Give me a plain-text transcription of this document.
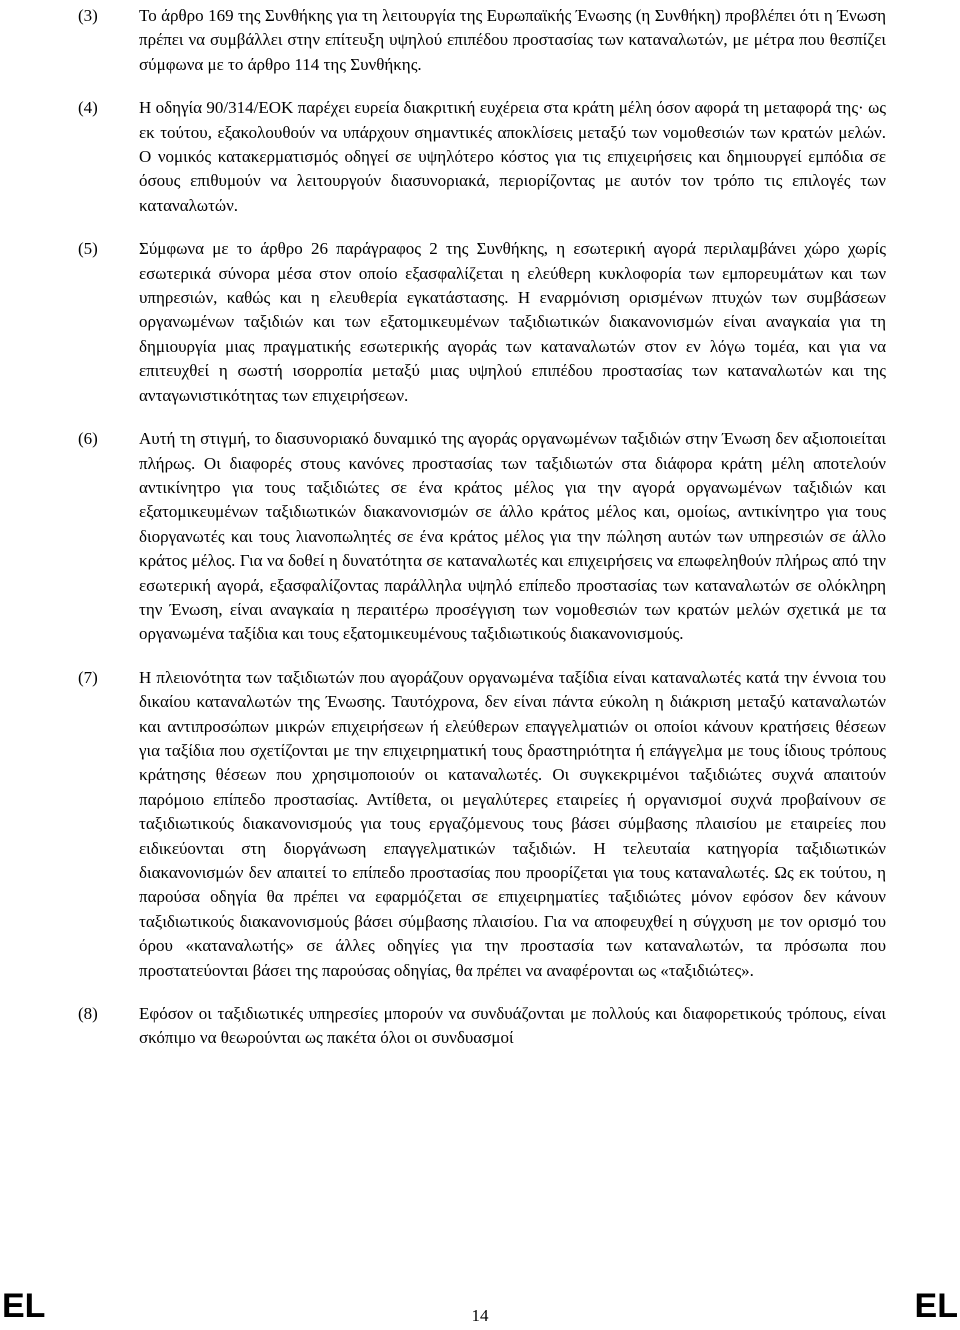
(3)	Το άρθρο 169 της Συνθήκης για τη λειτουργία της Ευρωπαϊκής Ένωσης (η Συνθήκη) προβλέπει ότι η Ένωση πρέπει να συμβάλλει στην επίτευξη υψηλού επιπέδου προστασίας των καταναλωτών, με μέτρα που θεσπίζει σύμφωνα με το άρθρο 114 της Συνθήκης.
(4)	Η οδηγία 90/314/ΕΟΚ παρέχει ευρεία διακριτική ευχέρεια στα κράτη μέλη όσον αφορά τη μεταφορά της· ως εκ τούτου, εξακολουθούν να υπάρχουν σημαντικές αποκλίσεις μεταξύ των νομοθεσιών των κρατών μελών. Ο νομικός κατακερματισμός οδηγεί σε υψηλότερο κόστος για τις επιχειρήσεις και δημιουργεί εμπόδια σε όσους επιθυμούν να λειτουργούν διασυνοριακά, περιορίζοντας με αυτόν τον τρόπο τις επιλογές των καταναλωτών.
(5)	Σύμφωνα με το άρθρο 26 παράγραφος 2 της Συνθήκης, η εσωτερική αγορά περιλαμβάνει χώρο χωρίς εσωτερικά σύνορα μέσα στον οποίο εξασφαλίζεται η ελεύθερη κυκλοφορία των εμπορευμάτων και των υπηρεσιών, καθώς και η ελευθερία εγκατάστασης. Η εναρμόνιση ορισμένων πτυχών των συμβάσεων οργανωμένων ταξιδιών και των εξατομικευμένων ταξιδιωτικών διακανονισμών είναι αναγκαία για τη δημιουργία μιας πραγματικής εσωτερικής αγοράς των καταναλωτών στον εν λόγω τομέα, και για να επιτευχθεί η σωστή ισορροπία μεταξύ μιας υψηλού επιπέδου προστασίας των καταναλωτών και της ανταγωνιστικότητας των επιχειρήσεων.
(6)	Αυτή τη στιγμή, το διασυνοριακό δυναμικό της αγοράς οργανωμένων ταξιδιών στην Ένωση δεν αξιοποιείται πλήρως. Οι διαφορές στους κανόνες προστασίας των ταξιδιωτών στα διάφορα κράτη μέλη αποτελούν αντικίνητρο για τους ταξιδιώτες σε ένα κράτος μέλος για την αγορά οργανωμένων ταξιδιών και εξατομικευμένων ταξιδιωτικών διακανονισμών σε άλλο κράτος μέλος και, ομοίως, αντικίνητρο για τους διοργανωτές και τους λιανοπωλητές σε ένα κράτος μέλος για την πώληση αυτών των υπηρεσιών σε άλλο κράτος μέλος. Για να δοθεί η δυνατότητα σε καταναλωτές και επιχειρήσεις να επωφεληθούν πλήρως από την εσωτερική αγορά, εξασφαλίζοντας παράλληλα υψηλό επίπεδο προστασίας των καταναλωτών σε ολόκληρη την Ένωση, είναι αναγκαία η περαιτέρω προσέγγιση των νομοθεσιών των κρατών μελών σχετικά με τα οργανωμένα ταξίδια και τους εξατομικευμένους ταξιδιωτικούς διακανονισμούς.
(7)	Η πλειονότητα των ταξιδιωτών που αγοράζουν οργανωμένα ταξίδια είναι καταναλωτές κατά την έννοια του δικαίου καταναλωτών της Ένωσης. Ταυτόχρονα, δεν είναι πάντα εύκολη η διάκριση μεταξύ καταναλωτών και αντιπροσώπων μικρών επιχειρήσεων ή ελεύθερων επαγγελματιών οι οποίοι κάνουν κρατήσεις θέσεων για ταξίδια που σχετίζονται με την επιχειρηματική τους δραστηριότητα ή επάγγελμα με τους ίδιους τρόπους κράτησης θέσεων που χρησιμοποιούν οι καταναλωτές. Οι συγκεκριμένοι ταξιδιώτες συχνά απαιτούν παρόμοιο επίπεδο προστασίας. Αντίθετα, οι μεγαλύτερες εταιρείες ή οργανισμοί συχνά προβαίνουν σε ταξιδιωτικούς διακανονισμούς για τους εργαζόμενους τους βάσει σύμβασης πλαισίου με εταιρείες που ειδικεύονται στη διοργάνωση επαγγελματικών ταξιδιών. Η τελευταία κατηγορία ταξιδιωτικών διακανονισμών δεν απαιτεί το επίπεδο προστασίας που προορίζεται για τους καταναλωτές. Ως εκ τούτου, η παρούσα οδηγία θα πρέπει να εφαρμόζεται σε επιχειρηματίες ταξιδιώτες μόνον εφόσον δεν κάνουν ταξιδιωτικούς διακανονισμούς βάσει σύμβασης πλαισίου. Για να αποφευχθεί η σύγχυση με τον ορισμό του όρου «καταναλωτής» σε άλλες οδηγίες για την προστασία των καταναλωτών, τα πρόσωπα που προστατεύονται βάσει της παρούσας οδηγίας, θα πρέπει να αναφέρονται ως «ταξιδιώτες».
(8)	Εφόσον οι ταξιδιωτικές υπηρεσίες μπορούν να συνδυάζονται με πολλούς και διαφορετικούς τρόπους, είναι σκόπιμο να θεωρούνται ως πακέτα όλοι οι συνδυασμοί
EL	14	EL
